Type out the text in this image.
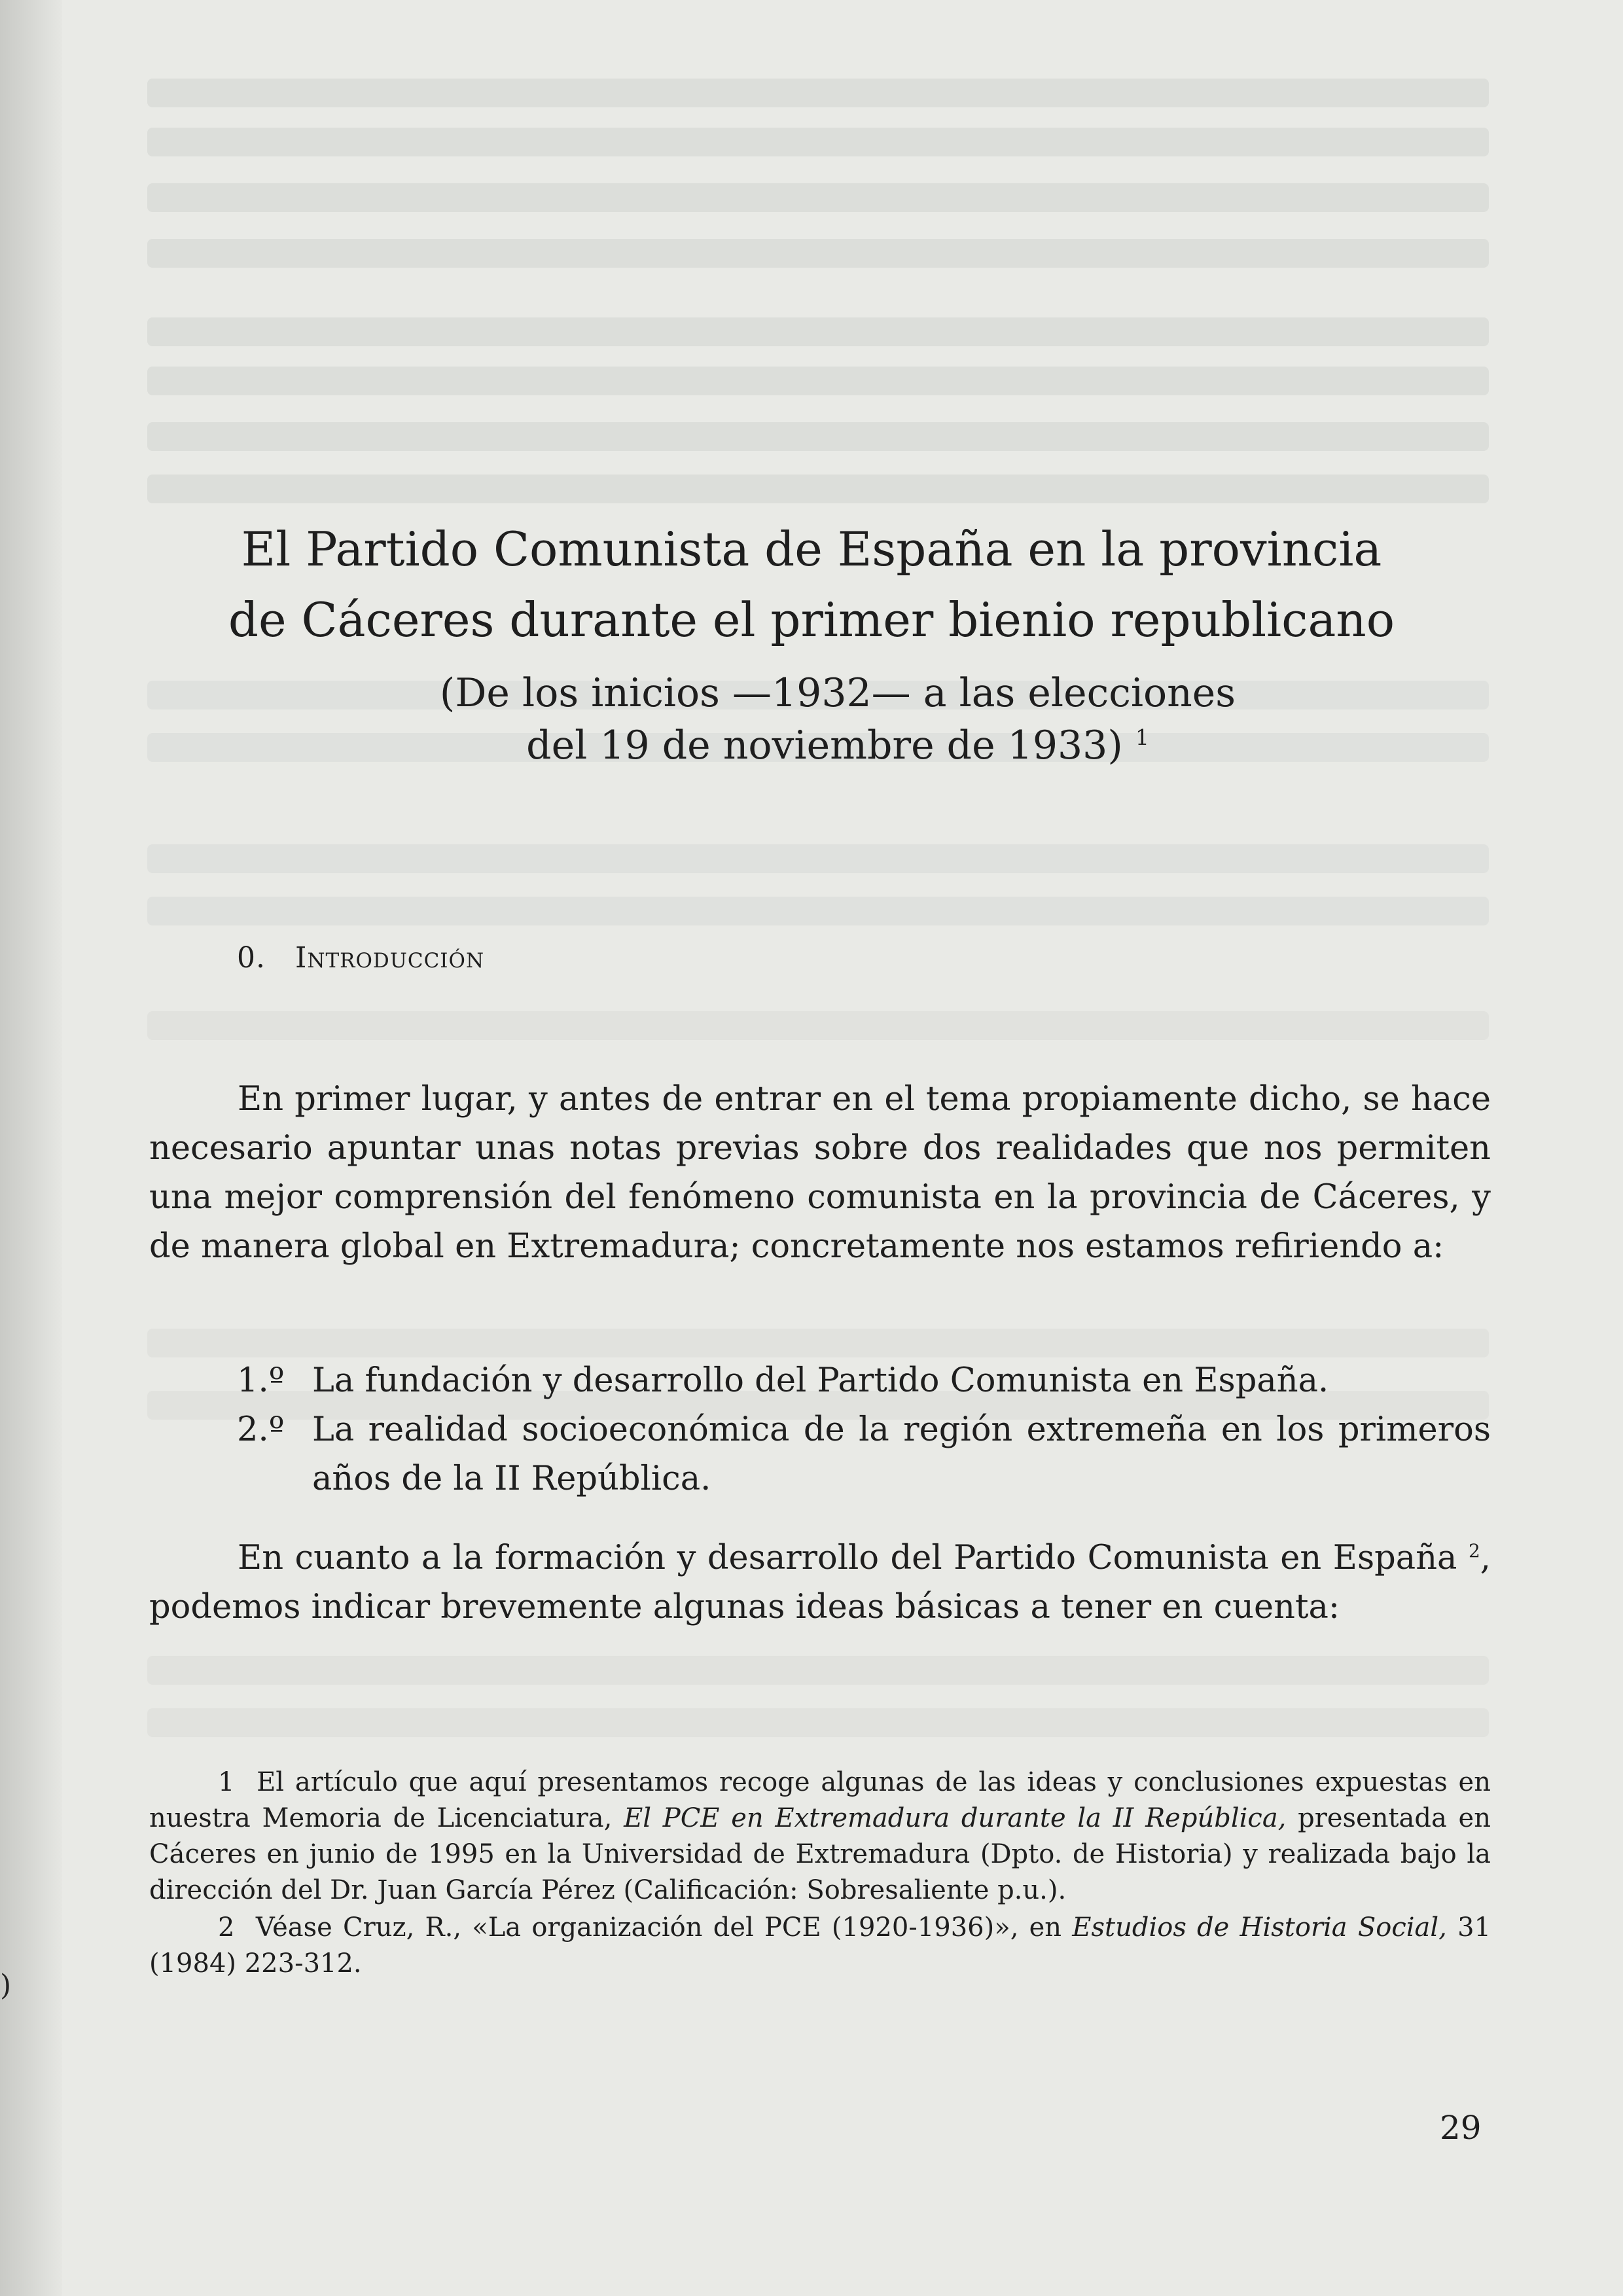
)
El Partido Comunista de España en la provincia
de Cáceres durante el primer bienio republicano
(De los inicios —1932— a las elecciones
del 19 de noviembre de 1933) $^1$
0. Introducción
En primer lugar, y antes de entrar en el tema propiamente dicho, se hace necesario apuntar unas notas previas sobre dos realidades que nos permiten una mejor comprensión del fenómeno comunista en la provincia de Cáceres, y de manera global en Extremadura; concretamente nos estamos refiriendo a:
1.º La fundación y desarrollo del Partido Comunista en España.
2.º La realidad socioeconómica de la región extremeña en los primeros años de la II República.
En cuanto a la formación y desarrollo del Partido Comunista en España $^2$, podemos indicar brevemente algunas ideas básicas a tener en cuenta:
1 El artículo que aquí presentamos recoge algunas de las ideas y conclusiones expuestas en nuestra Memoria de Licenciatura, El PCE en Extremadura durante la II República, presentada en Cáceres en junio de 1995 en la Universidad de Extremadura (Dpto. de Historia) y realizada bajo la dirección del Dr. Juan García Pérez (Calificación: Sobresaliente p.u.).
2 Véase Cruz, R., «La organización del PCE (1920-1936)», en Estudios de Historia Social, 31 (1984) 223-312.
29
